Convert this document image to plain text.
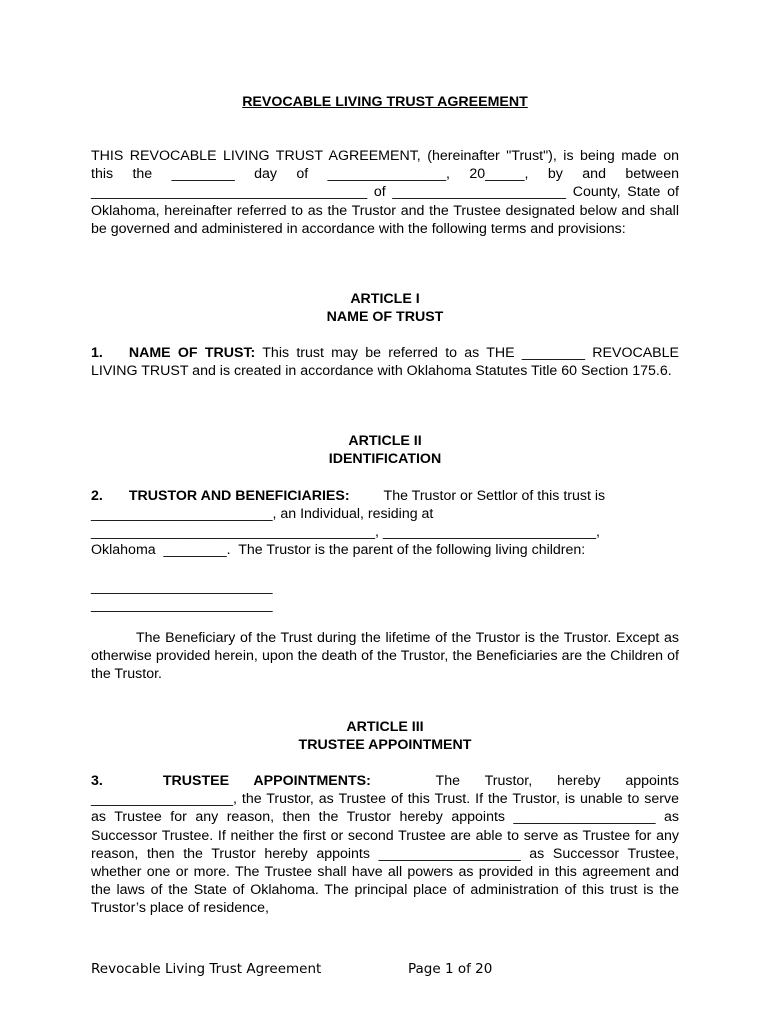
REVOCABLE LIVING TRUST AGREEMENT

THIS REVOCABLE LIVING TRUST AGREEMENT, (hereinafter "Trust"), is being made on this the ________ day of _______________, 20_____, by and between ___________________________________ of ______________________ County, State of Oklahoma, hereinafter referred to as the Trustor and the Trustee designated below and shall be governed and administered in accordance with the following terms and provisions:

ARTICLE I
NAME OF TRUST

1. NAME OF TRUST: This trust may be referred to as THE ________ REVOCABLE LIVING TRUST and is created in accordance with Oklahoma Statutes Title 60 Section 175.6.

ARTICLE II
IDENTIFICATION
2. TRUSTOR AND BENEFICIARIES: The Trustor or Settlor of this trust is
_______________________, an Individual, residing at
____________________________________, ___________________________,
Oklahoma  ________.  The Trustor is the parent of the following living children:
_______________________
_______________________

The Beneficiary of the Trust during the lifetime of the Trustor is the Trustor. Except as otherwise provided herein, upon the death of the Trustor, the Beneficiaries are the Children of the Trustor.

ARTICLE III
TRUSTEE APPOINTMENT

3.	TRUSTEE APPOINTMENTS:	The Trustor, hereby appoints __________________, the Trustor, as Trustee of this Trust. If the Trustor, is unable to serve as Trustee for any reason, then the Trustor hereby appoints __________________ as Successor Trustee. If neither the first or second Trustee are able to serve as Trustee for any reason, then the Trustor hereby appoints __________________ as Successor Trustee, whether one or more. The Trustee shall have all powers as provided in this agreement and the laws of the State of Oklahoma. The principal place of administration of this trust is the Trustor’s place of residence,

Revocable Living Trust Agreement	Page 1 of 20
